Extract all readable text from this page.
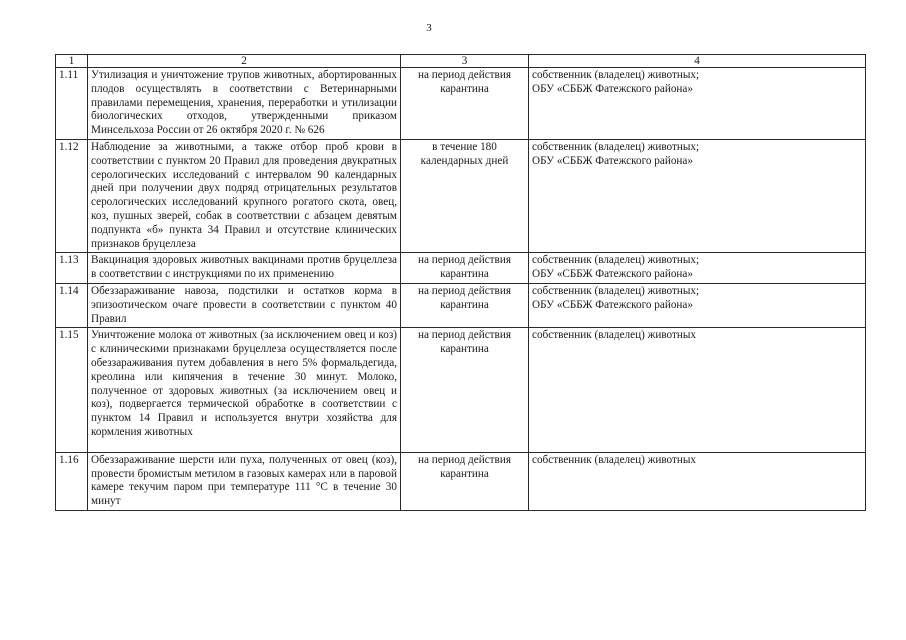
3
1	2	3	4
1.11	Утилизация и уничтожение трупов животных, абортированных плодов осуществлять в соответствии с Ветеринарными правилами перемещения, хранения, переработки и утилизации биологических отходов, утвержденными приказом Минсельхоза России от 26 октября 2020 г. № 626	на период действия карантина	собственник (владелец) животных;
ОБУ «СББЖ Фатежского района»

1.12	Наблюдение за животными, а также отбор проб крови в соответствии с пунктом 20 Правил для проведения двукратных серологических исследований с интервалом 90 календарных дней при получении двух подряд отрицательных результатов серологических исследований крупного рогатого скота, овец, коз, пушных зверей, собак в соответствии с абзацем девятым подпункта «б» пункта 34 Правил и отсутствие клинических признаков бруцеллеза	в течение 180 календарных дней	собственник (владелец) животных;
ОБУ «СББЖ Фатежского района»

1.13	Вакцинация здоровых животных вакцинами против бруцеллеза в соответствии с инструкциями по их применению	на период действия карантина	собственник (владелец) животных;
ОБУ «СББЖ Фатежского района»

1.14	Обеззараживание навоза, подстилки и остатков корма в эпизоотическом очаге провести в соответствии с пунктом 40 Правил	на период действия карантина	собственник (владелец) животных;
ОБУ «СББЖ Фатежского района»

1.15	Уничтожение молока от животных (за исключением овец и коз) с клиническими признаками бруцеллеза осуществляется после обеззараживания путем добавления в него 5% формальдегида, креолина или кипячения в течение 30 минут. Молоко, полученное от здоровых животных (за исключением овец и коз), подвергается термической обработке в соответствии с пунктом 14 Правил и используется внутри хозяйства для кормления животных	на период действия карантина	собственник (владелец) животных

1.16	Обеззараживание шерсти или пуха, полученных от овец (коз), провести бромистым метилом в газовых камерах или в паровой камере текучим паром при температуре 111 °С в течение 30 минут	на период действия карантина	собственник (владелец) животных
